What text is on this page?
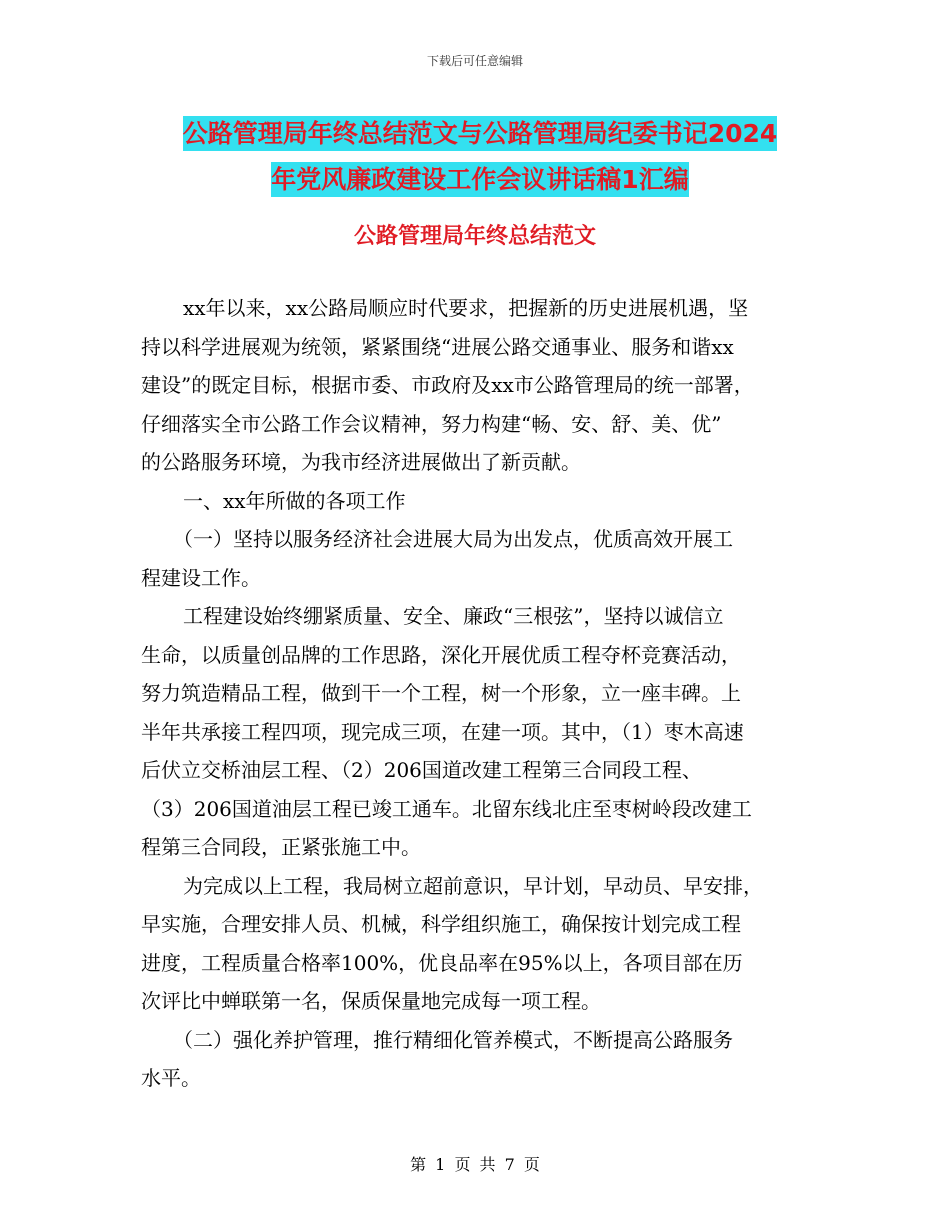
下载后可任意编辑
公路管理局年终总结范文与公路管理局纪委书记2024
年党风廉政建设工作会议讲话稿1汇编
公路管理局年终总结范文
xx年以来，xx公路局顺应时代要求，把握新的历史进展机遇，坚
持以科学进展观为统领，紧紧围绕“进展公路交通事业、服务和谐xx
建设”的既定目标，根据市委、市政府及xx市公路管理局的统一部署，
仔细落实全市公路工作会议精神，努力构建“畅、安、舒、美、优”
的公路服务环境，为我市经济进展做出了新贡献。
一、xx年所做的各项工作
（一）坚持以服务经济社会进展大局为出发点，优质高效开展工
程建设工作。
工程建设始终绷紧质量、安全、廉政“三根弦”，坚持以诚信立
生命，以质量创品牌的工作思路，深化开展优质工程夺杯竞赛活动，
努力筑造精品工程，做到干一个工程，树一个形象，立一座丰碑。上
半年共承接工程四项，现完成三项，在建一项。其中，（1）枣木高速
后伏立交桥油层工程、（2）206国道改建工程第三合同段工程、
（3）206国道油层工程已竣工通车。北留东线北庄至枣树岭段改建工
程第三合同段，正紧张施工中。
为完成以上工程，我局树立超前意识，早计划，早动员、早安排，
早实施，合理安排人员、机械，科学组织施工，确保按计划完成工程
进度，工程质量合格率100%，优良品率在95%以上，各项目部在历
次评比中蝉联第一名，保质保量地完成每一项工程。
（二）强化养护管理，推行精细化管养模式，不断提高公路服务
水平。
第 1 页 共 7 页
